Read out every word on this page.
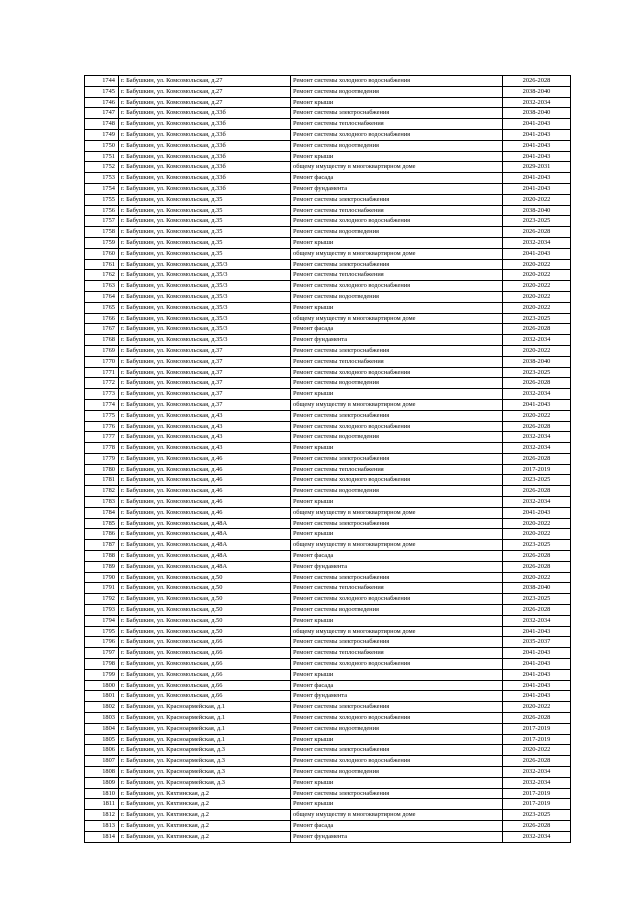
1744	г. Бабушкин, ул. Комсомольская, д.27	Ремонт системы холодного водоснабжения	2026-2028
1745	г. Бабушкин, ул. Комсомольская, д.27	Ремонт системы водоотведения	2038-2040
1746	г. Бабушкин, ул. Комсомольская, д.27	Ремонт крыши	2032-2034
1747	г. Бабушкин, ул. Комсомольская, д.33б	Ремонт системы электроснабжения	2038-2040
1748	г. Бабушкин, ул. Комсомольская, д.33б	Ремонт системы теплоснабжения	2041-2043
1749	г. Бабушкин, ул. Комсомольская, д.33б	Ремонт системы холодного водоснабжения	2041-2043
1750	г. Бабушкин, ул. Комсомольская, д.33б	Ремонт системы водоотведения	2041-2043
1751	г. Бабушкин, ул. Комсомольская, д.33б	Ремонт крыши	2041-2043
1752	г. Бабушкин, ул. Комсомольская, д.33б	общему имуществу в многоквартирном доме	2029-2031
1753	г. Бабушкин, ул. Комсомольская, д.33б	Ремонт фасада	2041-2043
1754	г. Бабушкин, ул. Комсомольская, д.33б	Ремонт фундамента	2041-2043
1755	г. Бабушкин, ул. Комсомольская, д.35	Ремонт системы электроснабжения	2020-2022
1756	г. Бабушкин, ул. Комсомольская, д.35	Ремонт системы теплоснабжения	2038-2040
1757	г. Бабушкин, ул. Комсомольская, д.35	Ремонт системы холодного водоснабжения	2023-2025
1758	г. Бабушкин, ул. Комсомольская, д.35	Ремонт системы водоотведения	2026-2028
1759	г. Бабушкин, ул. Комсомольская, д.35	Ремонт крыши	2032-2034
1760	г. Бабушкин, ул. Комсомольская, д.35	общему имуществу в многоквартирном доме	2041-2043
1761	г. Бабушкин, ул. Комсомольская, д.35/3	Ремонт системы электроснабжения	2020-2022
1762	г. Бабушкин, ул. Комсомольская, д.35/3	Ремонт системы теплоснабжения	2020-2022
1763	г. Бабушкин, ул. Комсомольская, д.35/3	Ремонт системы холодного водоснабжения	2020-2022
1764	г. Бабушкин, ул. Комсомольская, д.35/3	Ремонт системы водоотведения	2020-2022
1765	г. Бабушкин, ул. Комсомольская, д.35/3	Ремонт крыши	2020-2022
1766	г. Бабушкин, ул. Комсомольская, д.35/3	общему имуществу в многоквартирном доме	2023-2025
1767	г. Бабушкин, ул. Комсомольская, д.35/3	Ремонт фасада	2026-2028
1768	г. Бабушкин, ул. Комсомольская, д.35/3	Ремонт фундамента	2032-2034
1769	г. Бабушкин, ул. Комсомольская, д.37	Ремонт системы электроснабжения	2020-2022
1770	г. Бабушкин, ул. Комсомольская, д.37	Ремонт системы теплоснабжения	2038-2040
1771	г. Бабушкин, ул. Комсомольская, д.37	Ремонт системы холодного водоснабжения	2023-2025
1772	г. Бабушкин, ул. Комсомольская, д.37	Ремонт системы водоотведения	2026-2028
1773	г. Бабушкин, ул. Комсомольская, д.37	Ремонт крыши	2032-2034
1774	г. Бабушкин, ул. Комсомольская, д.37	общему имуществу в многоквартирном доме	2041-2043
1775	г. Бабушкин, ул. Комсомольская, д.43	Ремонт системы электроснабжения	2020-2022
1776	г. Бабушкин, ул. Комсомольская, д.43	Ремонт системы холодного водоснабжения	2026-2028
1777	г. Бабушкин, ул. Комсомольская, д.43	Ремонт системы водоотведения	2032-2034
1778	г. Бабушкин, ул. Комсомольская, д.43	Ремонт крыши	2032-2034
1779	г. Бабушкин, ул. Комсомольская, д.46	Ремонт системы электроснабжения	2026-2028
1780	г. Бабушкин, ул. Комсомольская, д.46	Ремонт системы теплоснабжения	2017-2019
1781	г. Бабушкин, ул. Комсомольская, д.46	Ремонт системы холодного водоснабжения	2023-2025
1782	г. Бабушкин, ул. Комсомольская, д.46	Ремонт системы водоотведения	2026-2028
1783	г. Бабушкин, ул. Комсомольская, д.46	Ремонт крыши	2032-2034
1784	г. Бабушкин, ул. Комсомольская, д.46	общему имуществу в многоквартирном доме	2041-2043
1785	г. Бабушкин, ул. Комсомольская, д.48А	Ремонт системы электроснабжения	2020-2022
1786	г. Бабушкин, ул. Комсомольская, д.48А	Ремонт крыши	2020-2022
1787	г. Бабушкин, ул. Комсомольская, д.48А	общему имуществу в многоквартирном доме	2023-2025
1788	г. Бабушкин, ул. Комсомольская, д.48А	Ремонт фасада	2026-2028
1789	г. Бабушкин, ул. Комсомольская, д.48А	Ремонт фундамента	2026-2028
1790	г. Бабушкин, ул. Комсомольская, д.50	Ремонт системы электроснабжения	2020-2022
1791	г. Бабушкин, ул. Комсомольская, д.50	Ремонт системы теплоснабжения	2038-2040
1792	г. Бабушкин, ул. Комсомольская, д.50	Ремонт системы холодного водоснабжения	2023-2025
1793	г. Бабушкин, ул. Комсомольская, д.50	Ремонт системы водоотведения	2026-2028
1794	г. Бабушкин, ул. Комсомольская, д.50	Ремонт крыши	2032-2034
1795	г. Бабушкин, ул. Комсомольская, д.50	общему имуществу в многоквартирном доме	2041-2043
1796	г. Бабушкин, ул. Комсомольская, д.66	Ремонт системы электроснабжения	2035-2037
1797	г. Бабушкин, ул. Комсомольская, д.66	Ремонт системы теплоснабжения	2041-2043
1798	г. Бабушкин, ул. Комсомольская, д.66	Ремонт системы холодного водоснабжения	2041-2043
1799	г. Бабушкин, ул. Комсомольская, д.66	Ремонт крыши	2041-2043
1800	г. Бабушкин, ул. Комсомольская, д.66	Ремонт фасада	2041-2043
1801	г. Бабушкин, ул. Комсомольская, д.66	Ремонт фундамента	2041-2043
1802	г. Бабушкин, ул. Красноармейская, д.1	Ремонт системы электроснабжения	2020-2022
1803	г. Бабушкин, ул. Красноармейская, д.1	Ремонт системы холодного водоснабжения	2026-2028
1804	г. Бабушкин, ул. Красноармейская, д.1	Ремонт системы водоотведения	2017-2019
1805	г. Бабушкин, ул. Красноармейская, д.1	Ремонт крыши	2017-2019
1806	г. Бабушкин, ул. Красноармейская, д.3	Ремонт системы электроснабжения	2020-2022
1807	г. Бабушкин, ул. Красноармейская, д.3	Ремонт системы холодного водоснабжения	2026-2028
1808	г. Бабушкин, ул. Красноармейская, д.3	Ремонт системы водоотведения	2032-2034
1809	г. Бабушкин, ул. Красноармейская, д.3	Ремонт крыши	2032-2034
1810	г. Бабушкин, ул. Кяхтинская, д.2	Ремонт системы электроснабжения	2017-2019
1811	г. Бабушкин, ул. Кяхтинская, д.2	Ремонт крыши	2017-2019
1812	г. Бабушкин, ул. Кяхтинская, д.2	общему имуществу в многоквартирном доме	2023-2025
1813	г. Бабушкин, ул. Кяхтинская, д.2	Ремонт фасада	2026-2028
1814	г. Бабушкин, ул. Кяхтинская, д.2	Ремонт фундамента	2032-2034
